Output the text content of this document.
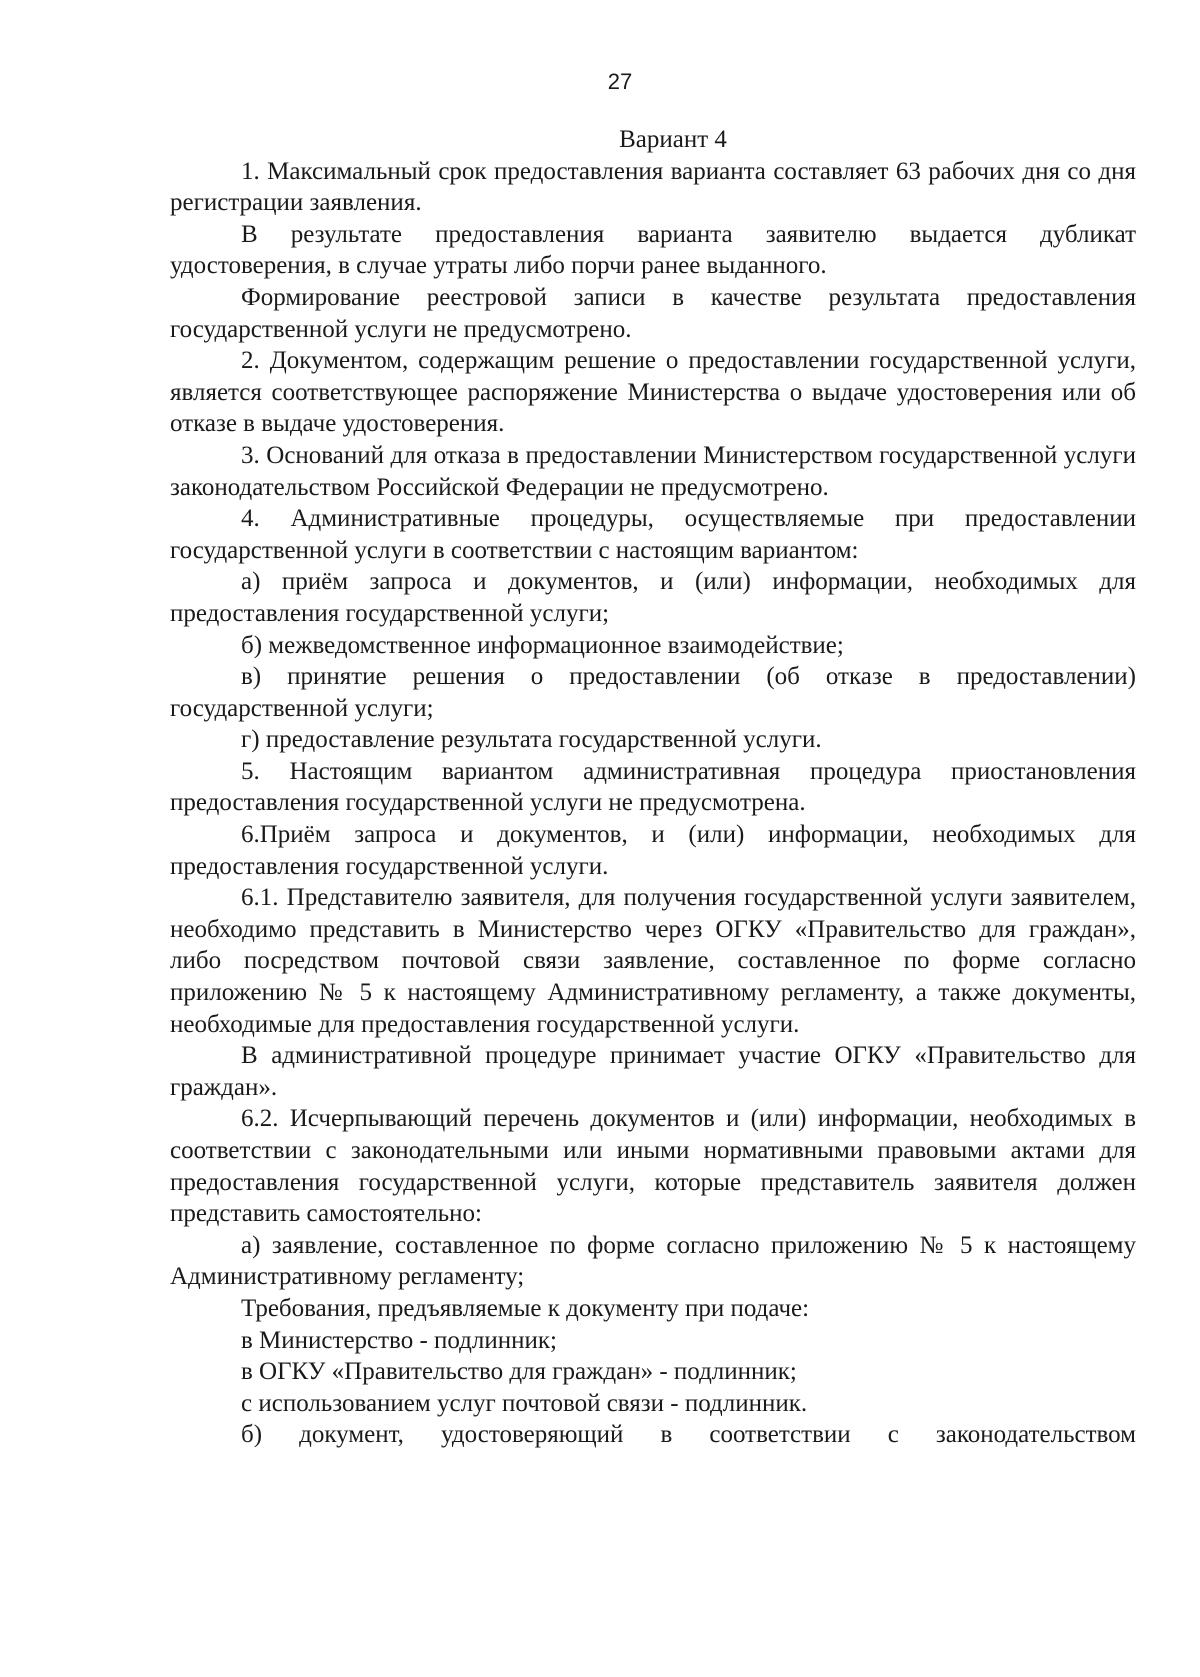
27

Вариант 4

1. Максимальный срок предоставления варианта составляет 63 рабочих дня со дня регистрации заявления.

В результате предоставления варианта заявителю выдается дубликат удостоверения, в случае утраты либо порчи ранее выданного.

Формирование реестровой записи в качестве результата предоставления государственной услуги не предусмотрено.

2. Документом, содержащим решение о предоставлении государственной услуги, является соответствующее распоряжение Министерства о выдаче удостоверения или об отказе в выдаче удостоверения.

3. Оснований для отказа в предоставлении Министерством государственной услуги законодательством Российской Федерации не предусмотрено.

4. Административные процедуры, осуществляемые при предоставлении государственной услуги в соответствии с настоящим вариантом:

а) приём запроса и документов, и (или) информации, необходимых для предоставления государственной услуги;

б) межведомственное информационное взаимодействие;

в) принятие решения о предоставлении (об отказе в предоставлении) государственной услуги;

г) предоставление результата государственной услуги.

5. Настоящим вариантом административная процедура приостановления предоставления государственной услуги не предусмотрена.

6.Приём запроса и документов, и (или) информации, необходимых для предоставления государственной услуги.

6.1. Представителю заявителя, для получения государственной услуги заявителем, необходимо представить в Министерство через ОГКУ «Правительство для граждан», либо посредством почтовой связи заявление, составленное по форме согласно приложению № 5 к настоящему Административному регламенту, а также документы, необходимые для предоставления государственной услуги.

В административной процедуре принимает участие ОГКУ «Правительство для граждан».

6.2. Исчерпывающий перечень документов и (или) информации, необходимых в соответствии с законодательными или иными нормативными правовыми актами для предоставления государственной услуги, которые представитель заявителя должен представить самостоятельно:

а) заявление, составленное по форме согласно приложению № 5 к настоящему Административному регламенту;

Требования, предъявляемые к документу при подаче:

в Министерство - подлинник;

в ОГКУ «Правительство для граждан» - подлинник;

с использованием услуг почтовой связи - подлинник.

б) документ, удостоверяющий в соответствии с законодательством
